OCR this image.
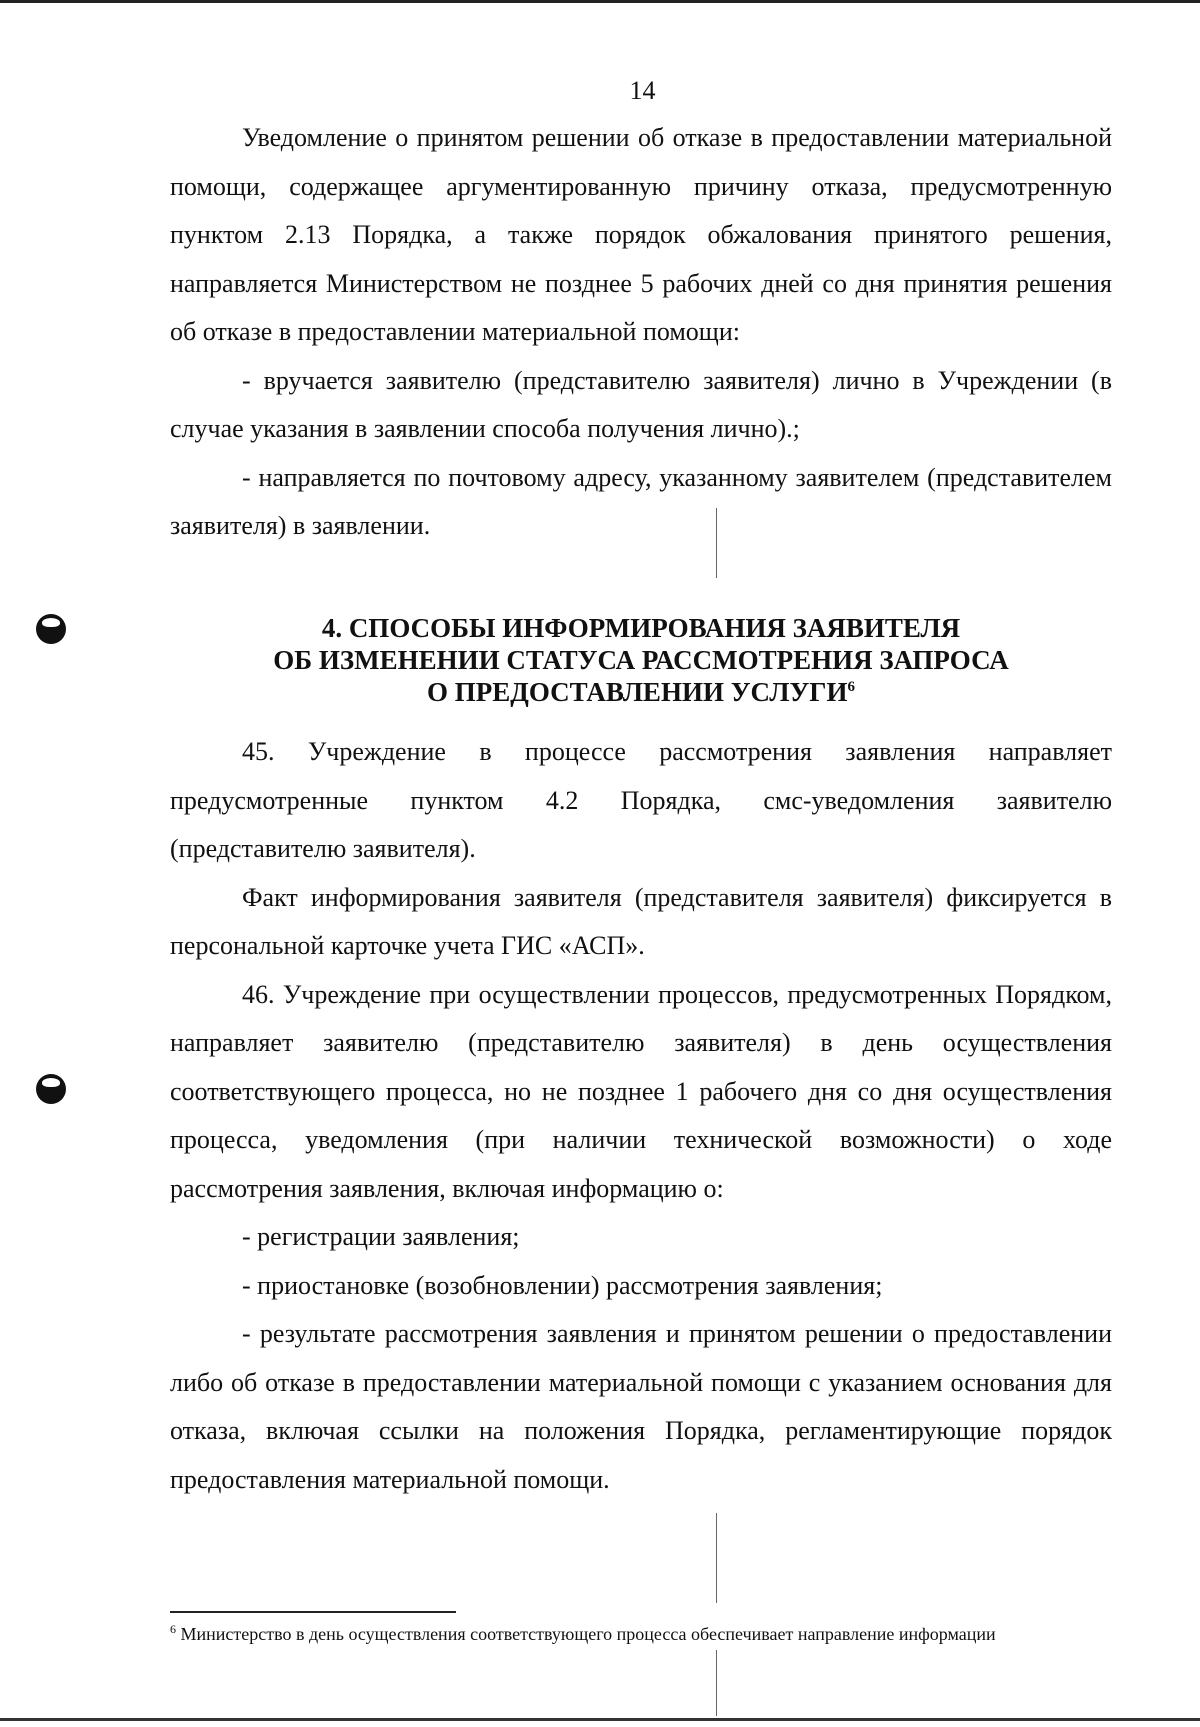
14

Уведомление о принятом решении об отказе в предоставлении материальной помощи, содержащее аргументированную причину отказа, предусмотренную пунктом 2.13 Порядка, а также порядок обжалования принятого решения, направляется Министерством не позднее 5 рабочих дней со дня принятия решения об отказе в предоставлении материальной помощи:

- вручается заявителю (представителю заявителя) лично в Учреждении (в случае указания в заявлении способа получения лично).;

- направляется по почтовому адресу, указанному заявителем (представителем заявителя) в заявлении.

4. СПОСОБЫ ИНФОРМИРОВАНИЯ ЗАЯВИТЕЛЯ
ОБ ИЗМЕНЕНИИ СТАТУСА РАССМОТРЕНИЯ ЗАПРОСА
О ПРЕДОСТАВЛЕНИИ УСЛУГИ$^6$

45. Учреждение в процессе рассмотрения заявления направляет предусмотренные пунктом 4.2 Порядка, смс-уведомления заявителю (представителю заявителя).

Факт информирования заявителя (представителя заявителя) фиксируется в персональной карточке учета ГИС «АСП».

46. Учреждение при осуществлении процессов, предусмотренных Порядком, направляет заявителю (представителю заявителя) в день осуществления соответствующего процесса, но не позднее 1 рабочего дня со дня осуществления процесса, уведомления (при наличии технической возможности) о ходе рассмотрения заявления, включая информацию о:

- регистрации заявления;

- приостановке (возобновлении) рассмотрения заявления;

- результате рассмотрения заявления и принятом решении о предоставлении либо об отказе в предоставлении материальной помощи с указанием основания для отказа, включая ссылки на положения Порядка, регламентирующие порядок предоставления материальной помощи.

$^6$ Министерство в день осуществления соответствующего процесса обеспечивает направление информации
